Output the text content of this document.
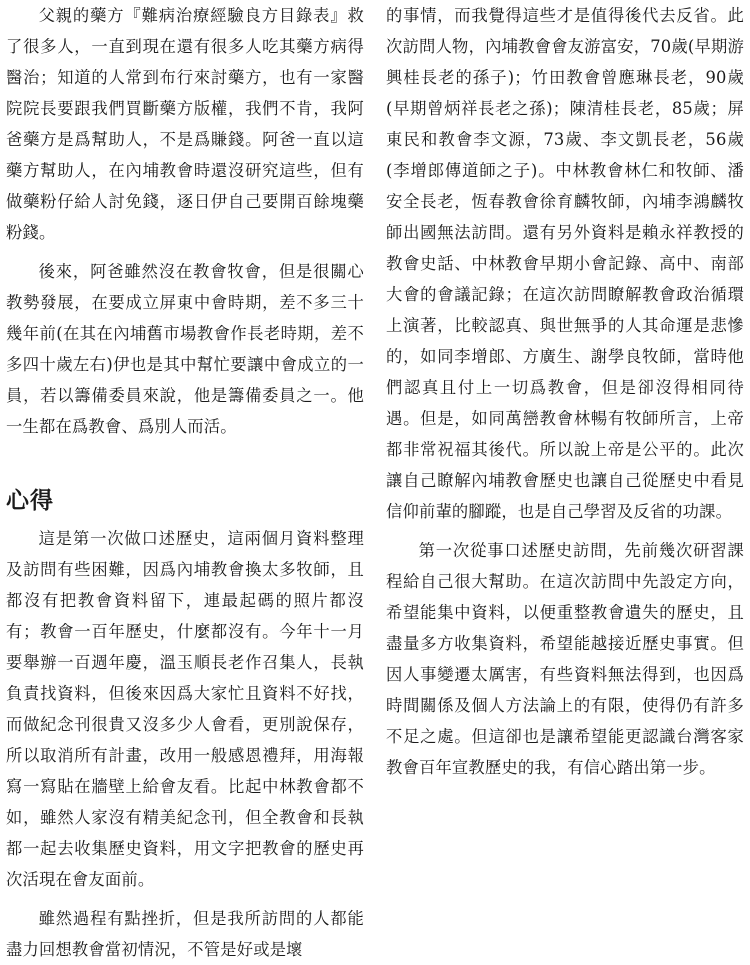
父親的藥方『難病治療經驗良方目錄表』救了很多人，一直到現在還有很多人吃其藥方病得醫治；知道的人常到布行來討藥方，也有一家醫院院長要跟我們買斷藥方版權，我們不肯，我阿爸藥方是爲幫助人，不是爲賺錢。阿爸一直以這藥方幫助人，在內埔教會時還沒研究這些，但有做藥粉仔給人討免錢，逐日伊自己要開百餘塊藥粉錢。

後來，阿爸雖然沒在教會牧會，但是很關心教勢發展，在要成立屏東中會時期，差不多三十幾年前(在其在內埔舊市場教會作長老時期，差不多四十歲左右)伊也是其中幫忙要讓中會成立的一員，若以籌備委員來說，他是籌備委員之一。他一生都在爲教會、爲別人而活。

心得

這是第一次做口述歷史，這兩個月資料整理及訪問有些困難，因爲內埔教會換太多牧師，且都沒有把教會資料留下，連最起碼的照片都沒有；教會一百年歷史，什麼都沒有。今年十一月要舉辦一百週年慶，溫玉順長老作召集人，長執負責找資料，但後來因爲大家忙且資料不好找，而做紀念刊很貴又沒多少人會看，更別說保存，所以取消所有計畫，改用一般感恩禮拜，用海報寫一寫貼在牆壁上給會友看。比起中林教會都不如，雖然人家沒有精美紀念刊，但全教會和長執都一起去收集歷史資料，用文字把教會的歷史再次活現在會友面前。

雖然過程有點挫折，但是我所訪問的人都能盡力回想教會當初情況，不管是好或是壞

的事情，而我覺得這些才是值得後代去反省。此次訪問人物，內埔教會會友游富安，70歲(早期游興桂長老的孫子)；竹田教會曾應琳長老，90歲(早期曾炳祥長老之孫)；陳清桂長老，85歲；屏東民和教會李文源，73歲、李文凱長老，56歲(李增郎傳道師之子)。中林教會林仁和牧師、潘安全長老，恆春教會徐育麟牧師，內埔李鴻麟牧師出國無法訪問。還有另外資料是賴永祥教授的教會史話、中林教會早期小會記錄、高中、南部大會的會議記錄；在這次訪問瞭解教會政治循環上演著，比較認真、與世無爭的人其命運是悲慘的，如同李增郎、方廣生、謝學良牧師，當時他們認真且付上一切爲教會，但是卻沒得相同待遇。但是，如同萬巒教會林暢有牧師所言，上帝都非常祝福其後代。所以說上帝是公平的。此次讓自己瞭解內埔教會歷史也讓自己從歷史中看見信仰前輩的腳蹤，也是自己學習及反省的功課。

第一次從事口述歷史訪問，先前幾次研習課程給自己很大幫助。在這次訪問中先設定方向，希望能集中資料，以便重整教會遺失的歷史，且盡量多方收集資料，希望能越接近歷史事實。但因人事變遷太厲害，有些資料無法得到，也因爲時間關係及個人方法論上的有限，使得仍有許多不足之處。但這卻也是讓希望能更認識台灣客家教會百年宣教歷史的我，有信心踏出第一步。
